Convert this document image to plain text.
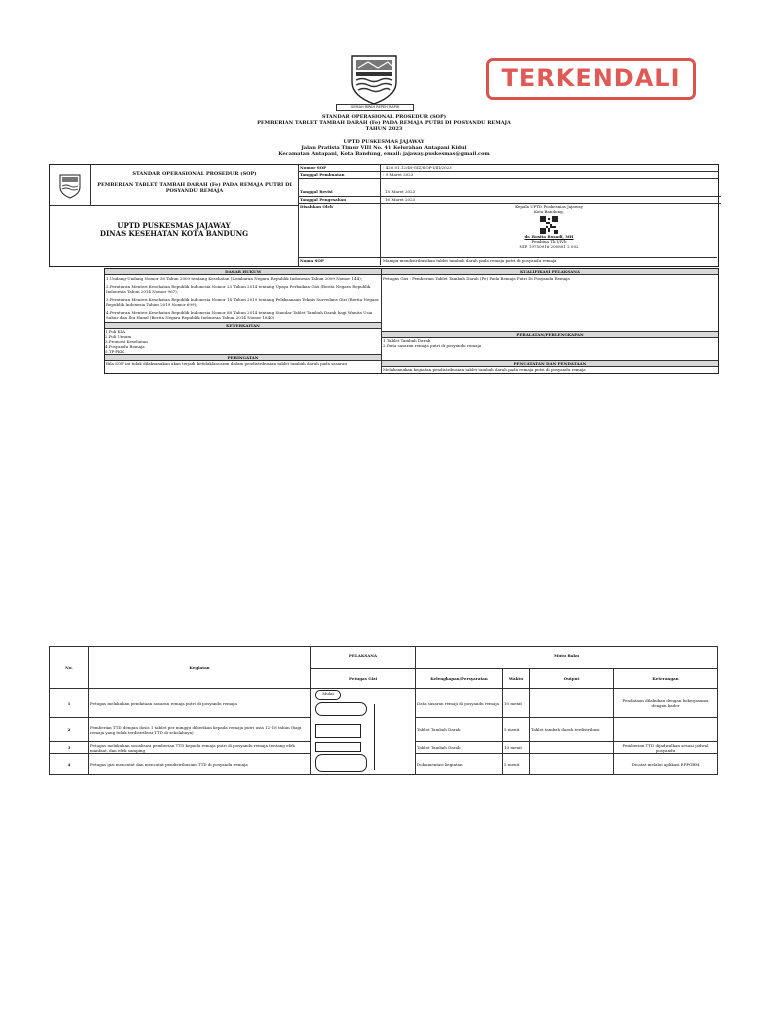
GEMAH RIPAH REPEH RAPIH
TERKENDALI
STANDAR OPERASIONAL PROSEDUR (SOP)
PEMBERIAN TABLET TAMBAH DARAH (Fe) PADA REMAJA PUTRI DI POSYANDU REMAJA
TAHUN 2023
UPTD PUSKESMAS JAJAWAY
Jalan Pratista Timur VIII No. 41 Kelurahan Antapani Kidul
Kecamatan Antapani, Kota Bandung, email: jajaway.puskesmas@gmail.com
STANDAR OPERASIONAL PROSEDUR (SOP)
PEMBERIAN TABLET TAMBAH DARAH (Fe) PADA REMAJA PUTRI DI POSYANDU REMAJA
UPTD PUSKESMAS JAJAWAY
DINAS KESEHATAN KOTA BANDUNG
Nomor SOP	: 420.01.12/49-GIZ/SOP-I/III/2023
Tanggal Pembuatan	: 9 Maret 2023
Tanggal Revisi	15 Maret 2023
Tanggal Pengesahan	16 Maret 2023
Disahkan Oleh	Kepala UPTD Puskesmas Jajaway
Kota Bandung,
dr. Rosita Rosadi, MH
Pembina Tk.I/IVb
NIP. 19750916 200801 2 002
Nama SOP	Mampu mendistribusikan tablet tambah darah pada remaja putri di posyandu remaja
DASAR HUKUM
1.Undang-Undang Nomor 36 Tahun 2009 tentang Kesehatan (Lembaran Negara Republik Indonesia Tahun 2009 Nomor 144);
2.Peraturan Menteri Kesehatan Republik Indonesia Nomor 23 Tahun 2014 tentang Upaya Perbaikan Gizi (Berita Negara Republik Indonesia Tahun 2014 Nomor 967);
3.Peraturan Menteri Kesehatan Republik Indonesia Nomor 14 Tahun 2019 tentang Pelaksanaan Teknis Surveilans Gizi (Berita Negara Republik Indonesia Tahun 2019 Nomor 699);
4.Peraturan Menteri Kesehatan Republik Indonesia Nomor 88 Tahun 2014 tentang Standar Tablet Tambah Darah bagi Wanita Usia Subur dan Ibu Hamil (Berita Negara Republik Indonesia Tahun 2014 Nomor 1840)
KETERKAITAN
1.Poli KIA
2.Poli Umum
3.Promosi Kesehatan
4.Posyandu Remaja
5.TP-PKK
PERINGATAN
Bila SOP ini tidak dilaksanakan akan terjadi ketidaklancaran dalam pendistribusian tablet tambah darah pada sasaran
KUALIFIKASI PELAKSANA
Petugas Gizi : Pemberian Tablet Tambah Darah (Fe) Pada Remaja Putri Di Posyandu Remaja
PERALATAN/PERLENGKAPAN
1.Tablet Tambah Darah
2.Data sasaran remaja putri di posyandu remaja
PENCATATAN DAN PENDATAAN
Melaksanakan kegiatan pendistribusian tablet tambah darah pada remaja putri di posyandu remaja
No.	Kegiatan	PELAKSANA	Mutu Baku			
		Petugas Gizi	Kelengkapan/Persyaratan	Waktu	Output	Keterangan
1	Petugas melakukan pendataan sasaran remaja putri di posyandu remaja		Data sasaran remaji di posyandu remaja	10 menit		Pendataan dilakukan dengan bekerjasama dengan kader
2	Pemberian TTD dengan dosis 1 tablet per minggu diberikan kepada remaja putri usia 12-18 tahun (bagi remaja yang tidak terdistribusi TTD di sekolahnya)		Tablet Tambah Darah	5 menit	Tablet tambah darah terdistribusi	
3	Petugas melakukan sosialisasi pemberian TTD kepada remaja putri di posyandu remaja tentang efek manfaat, dan efek samping		Tablet Tambah Darah	10 menit		Pemberian TTD dijadwalkan sesuai jadwal posyandu
4	Petugas gizi mencatat dan mencatat pendistribusian TTD di posyandu remaja		Dokumentasi kegiatan	5 menit		Dicatat melalui aplikasi EPPGBM
Mulai
